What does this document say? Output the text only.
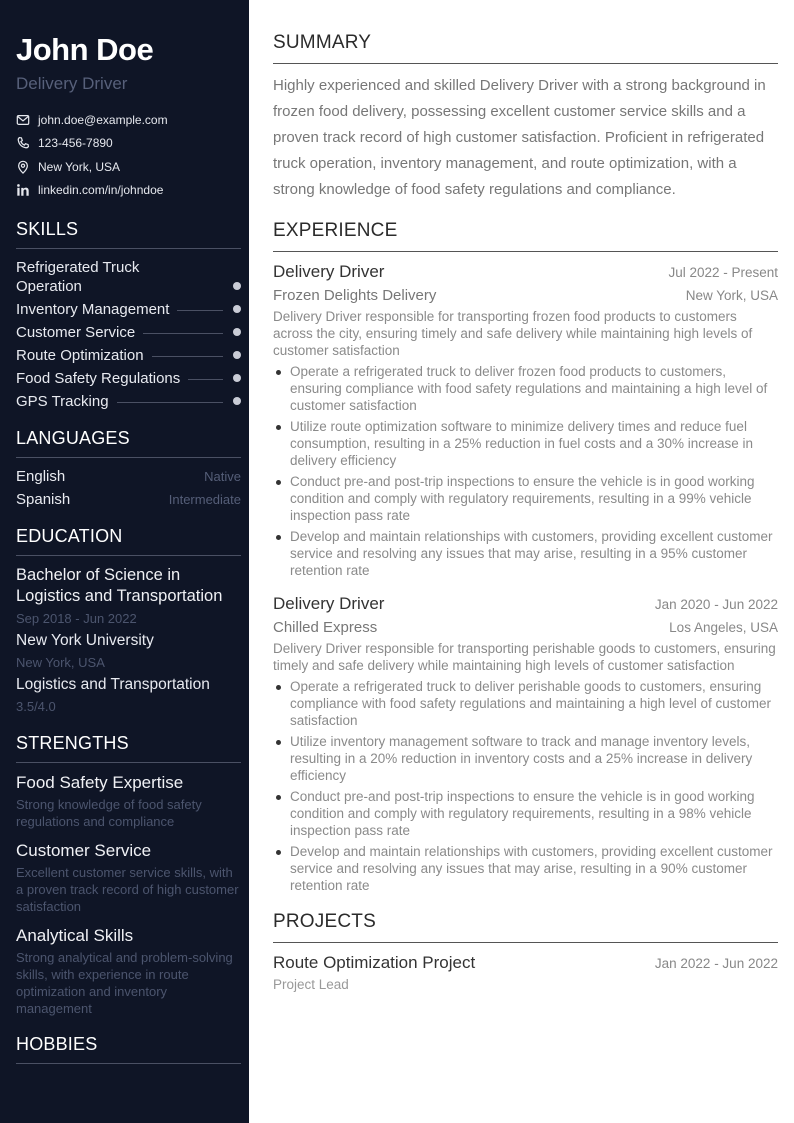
John Doe
Delivery Driver
john.doe@example.com
123-456-7890
New York, USA
linkedin.com/in/johndoe
SKILLS
Refrigerated Truck Operation
Inventory Management
Customer Service
Route Optimization
Food Safety Regulations
GPS Tracking
LANGUAGES
English	Native
Spanish	Intermediate
EDUCATION
Bachelor of Science in Logistics and Transportation
Sep 2018 - Jun 2022
New York University
New York, USA
Logistics and Transportation
3.5/4.0
STRENGTHS
Food Safety Expertise
Strong knowledge of food safety regulations and compliance
Customer Service
Excellent customer service skills, with a proven track record of high customer satisfaction
Analytical Skills
Strong analytical and problem-solving skills, with experience in route optimization and inventory management
HOBBIES
SUMMARY

Highly experienced and skilled Delivery Driver with a strong background in frozen food delivery, possessing excellent customer service skills and a proven track record of high customer satisfaction. Proficient in refrigerated truck operation, inventory management, and route optimization, with a strong knowledge of food safety regulations and compliance.

EXPERIENCE
Delivery Driver	Jul 2022 - Present
Frozen Delights Delivery	New York, USA
Delivery Driver responsible for transporting frozen food products to customers across the city, ensuring timely and safe delivery while maintaining high levels of customer satisfaction
Operate a refrigerated truck to deliver frozen food products to customers, ensuring compliance with food safety regulations and maintaining a high level of customer satisfaction
Utilize route optimization software to minimize delivery times and reduce fuel consumption, resulting in a 25% reduction in fuel costs and a 30% increase in delivery efficiency
Conduct pre-and post-trip inspections to ensure the vehicle is in good working condition and comply with regulatory requirements, resulting in a 99% vehicle inspection pass rate
Develop and maintain relationships with customers, providing excellent customer service and resolving any issues that may arise, resulting in a 95% customer retention rate
Delivery Driver	Jan 2020 - Jun 2022
Chilled Express	Los Angeles, USA
Delivery Driver responsible for transporting perishable goods to customers, ensuring timely and safe delivery while maintaining high levels of customer satisfaction
Operate a refrigerated truck to deliver perishable goods to customers, ensuring compliance with food safety regulations and maintaining a high level of customer satisfaction
Utilize inventory management software to track and manage inventory levels, resulting in a 20% reduction in inventory costs and a 25% increase in delivery efficiency
Conduct pre-and post-trip inspections to ensure the vehicle is in good working condition and comply with regulatory requirements, resulting in a 98% vehicle inspection pass rate
Develop and maintain relationships with customers, providing excellent customer service and resolving any issues that may arise, resulting in a 90% customer retention rate
PROJECTS
Route Optimization Project	Jan 2022 - Jun 2022
Project Lead
